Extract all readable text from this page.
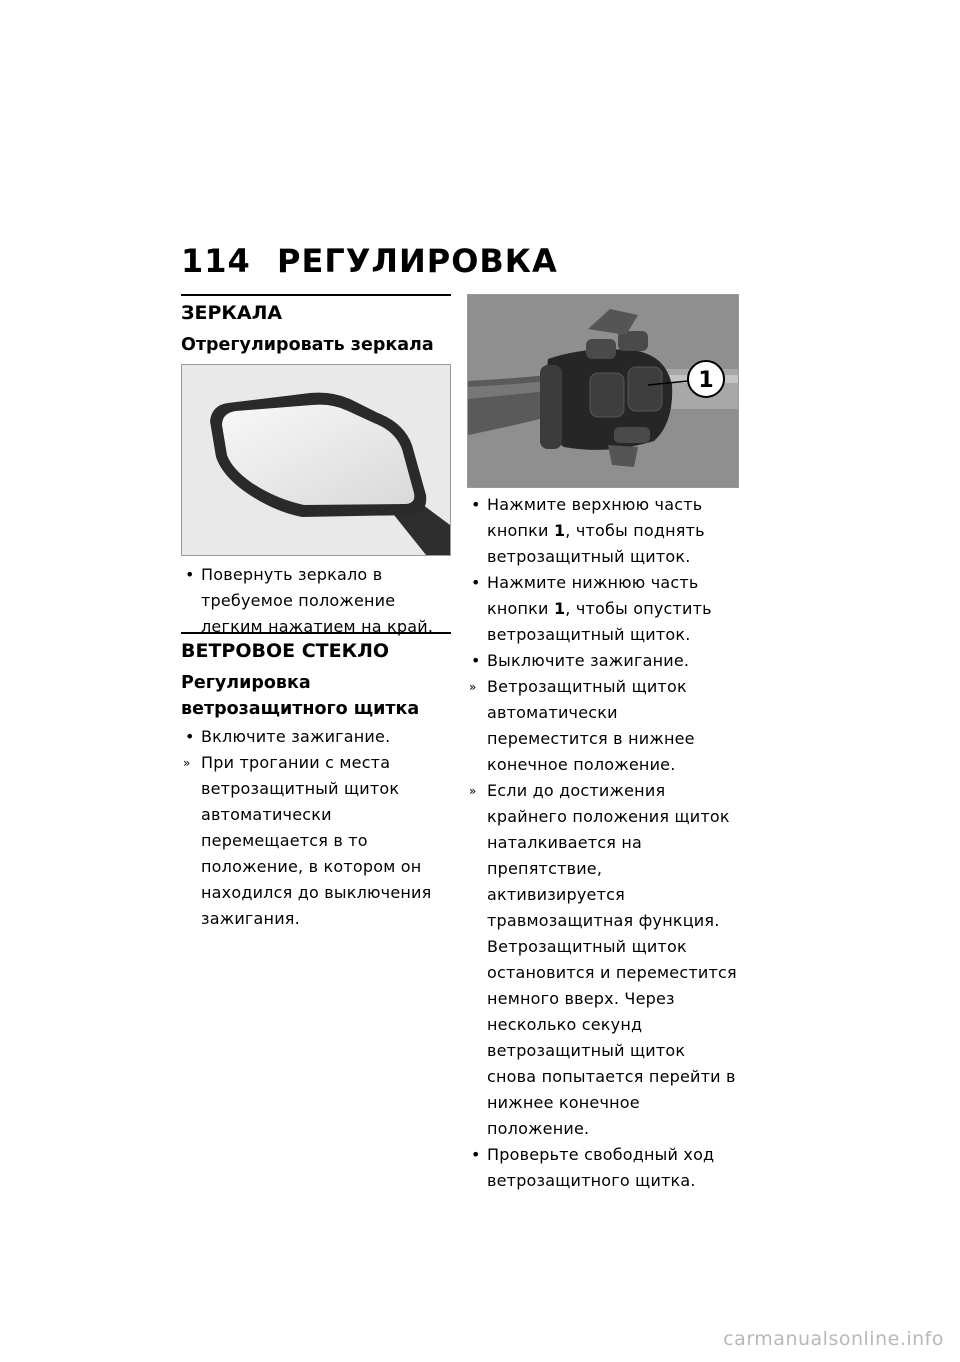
114 РЕГУЛИРОВКА
ЗЕРКАЛА
Отрегулировать зеркала
• Повернуть зеркало в требуемое положение легким нажатием на край.
ВЕТРОВОЕ СТЕКЛО
Регулировка ветрозащитного щитка
• Включите зажигание.
» При трогании с места ветрозащитный щиток автоматически перемещается в то положение, в котором он находился до выключения зажигания.
1
• Нажмите верхнюю часть кнопки 1, чтобы поднять ветрозащитный щиток.
• Нажмите нижнюю часть кнопки 1, чтобы опустить ветрозащитный щиток.
• Выключите зажигание.
» Ветрозащитный щиток автоматически переместится в нижнее конечное положение.
» Если до достижения крайнего положения щиток наталкивается на препятствие, активизируется травмозащитная функция. Ветрозащитный щиток остановится и переместится немного вверх. Через несколько секунд ветрозащитный щиток снова попытается перейти в нижнее конечное положение.
• Проверьте свободный ход ветрозащитного щитка.
carmanualsonline.info
